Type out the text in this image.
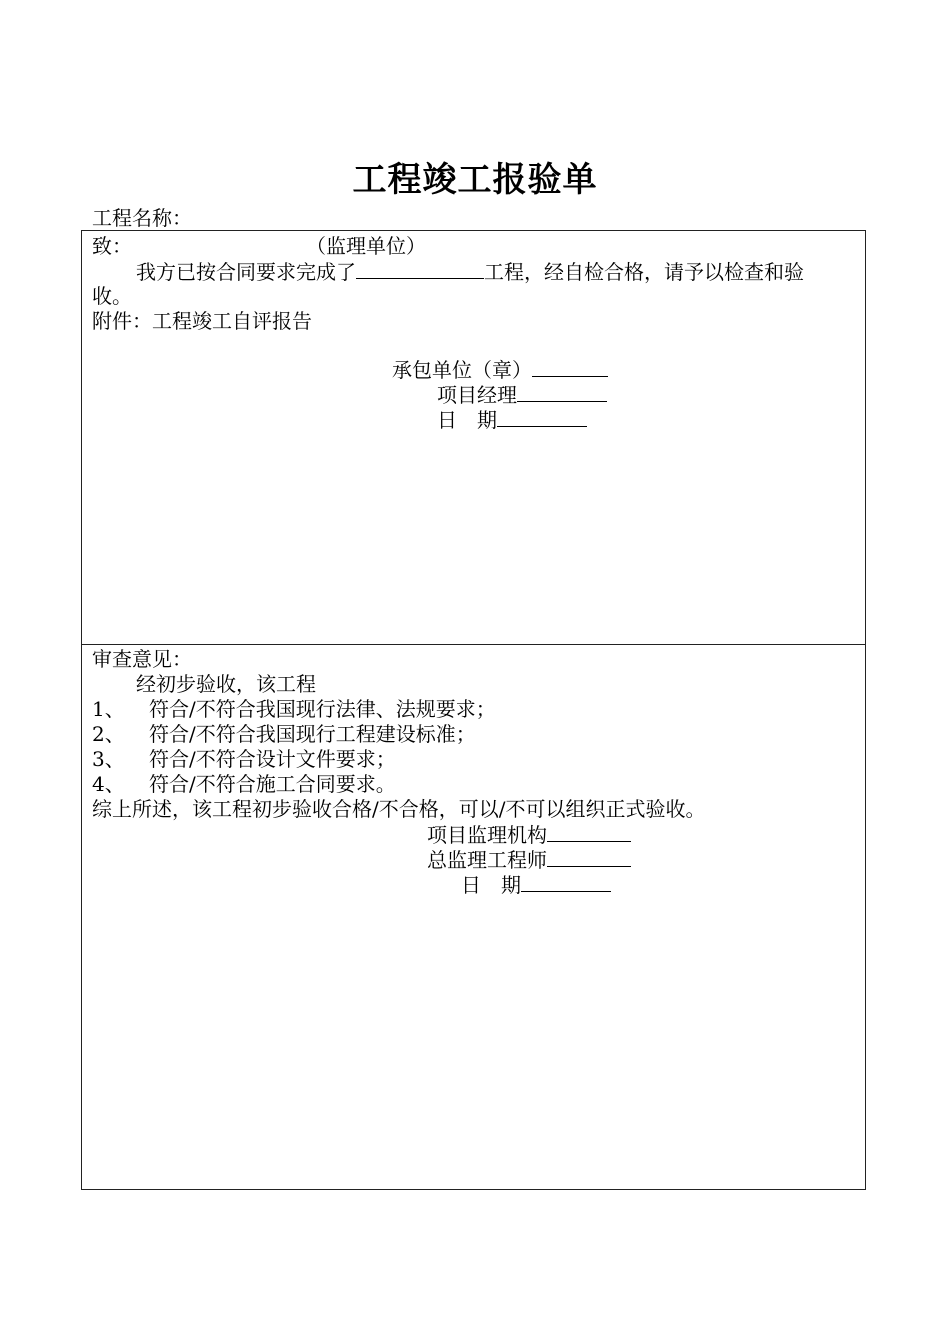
工程竣工报验单
工程名称：
致：	（监理单位）
我方已按合同要求完成了	工程，经自检合格，请予以检查和验
收。
附件：工程竣工自评报告
承包单位（章）
项目经理
日　期
审查意见：
经初步验收，该工程
1、 符合/不符合我国现行法律、法规要求；
2、 符合/不符合我国现行工程建设标准；
3、 符合/不符合设计文件要求；
4、 符合/不符合施工合同要求。
综上所述，该工程初步验收合格/不合格，可以/不可以组织正式验收。
项目监理机构
总监理工程师
日　期
